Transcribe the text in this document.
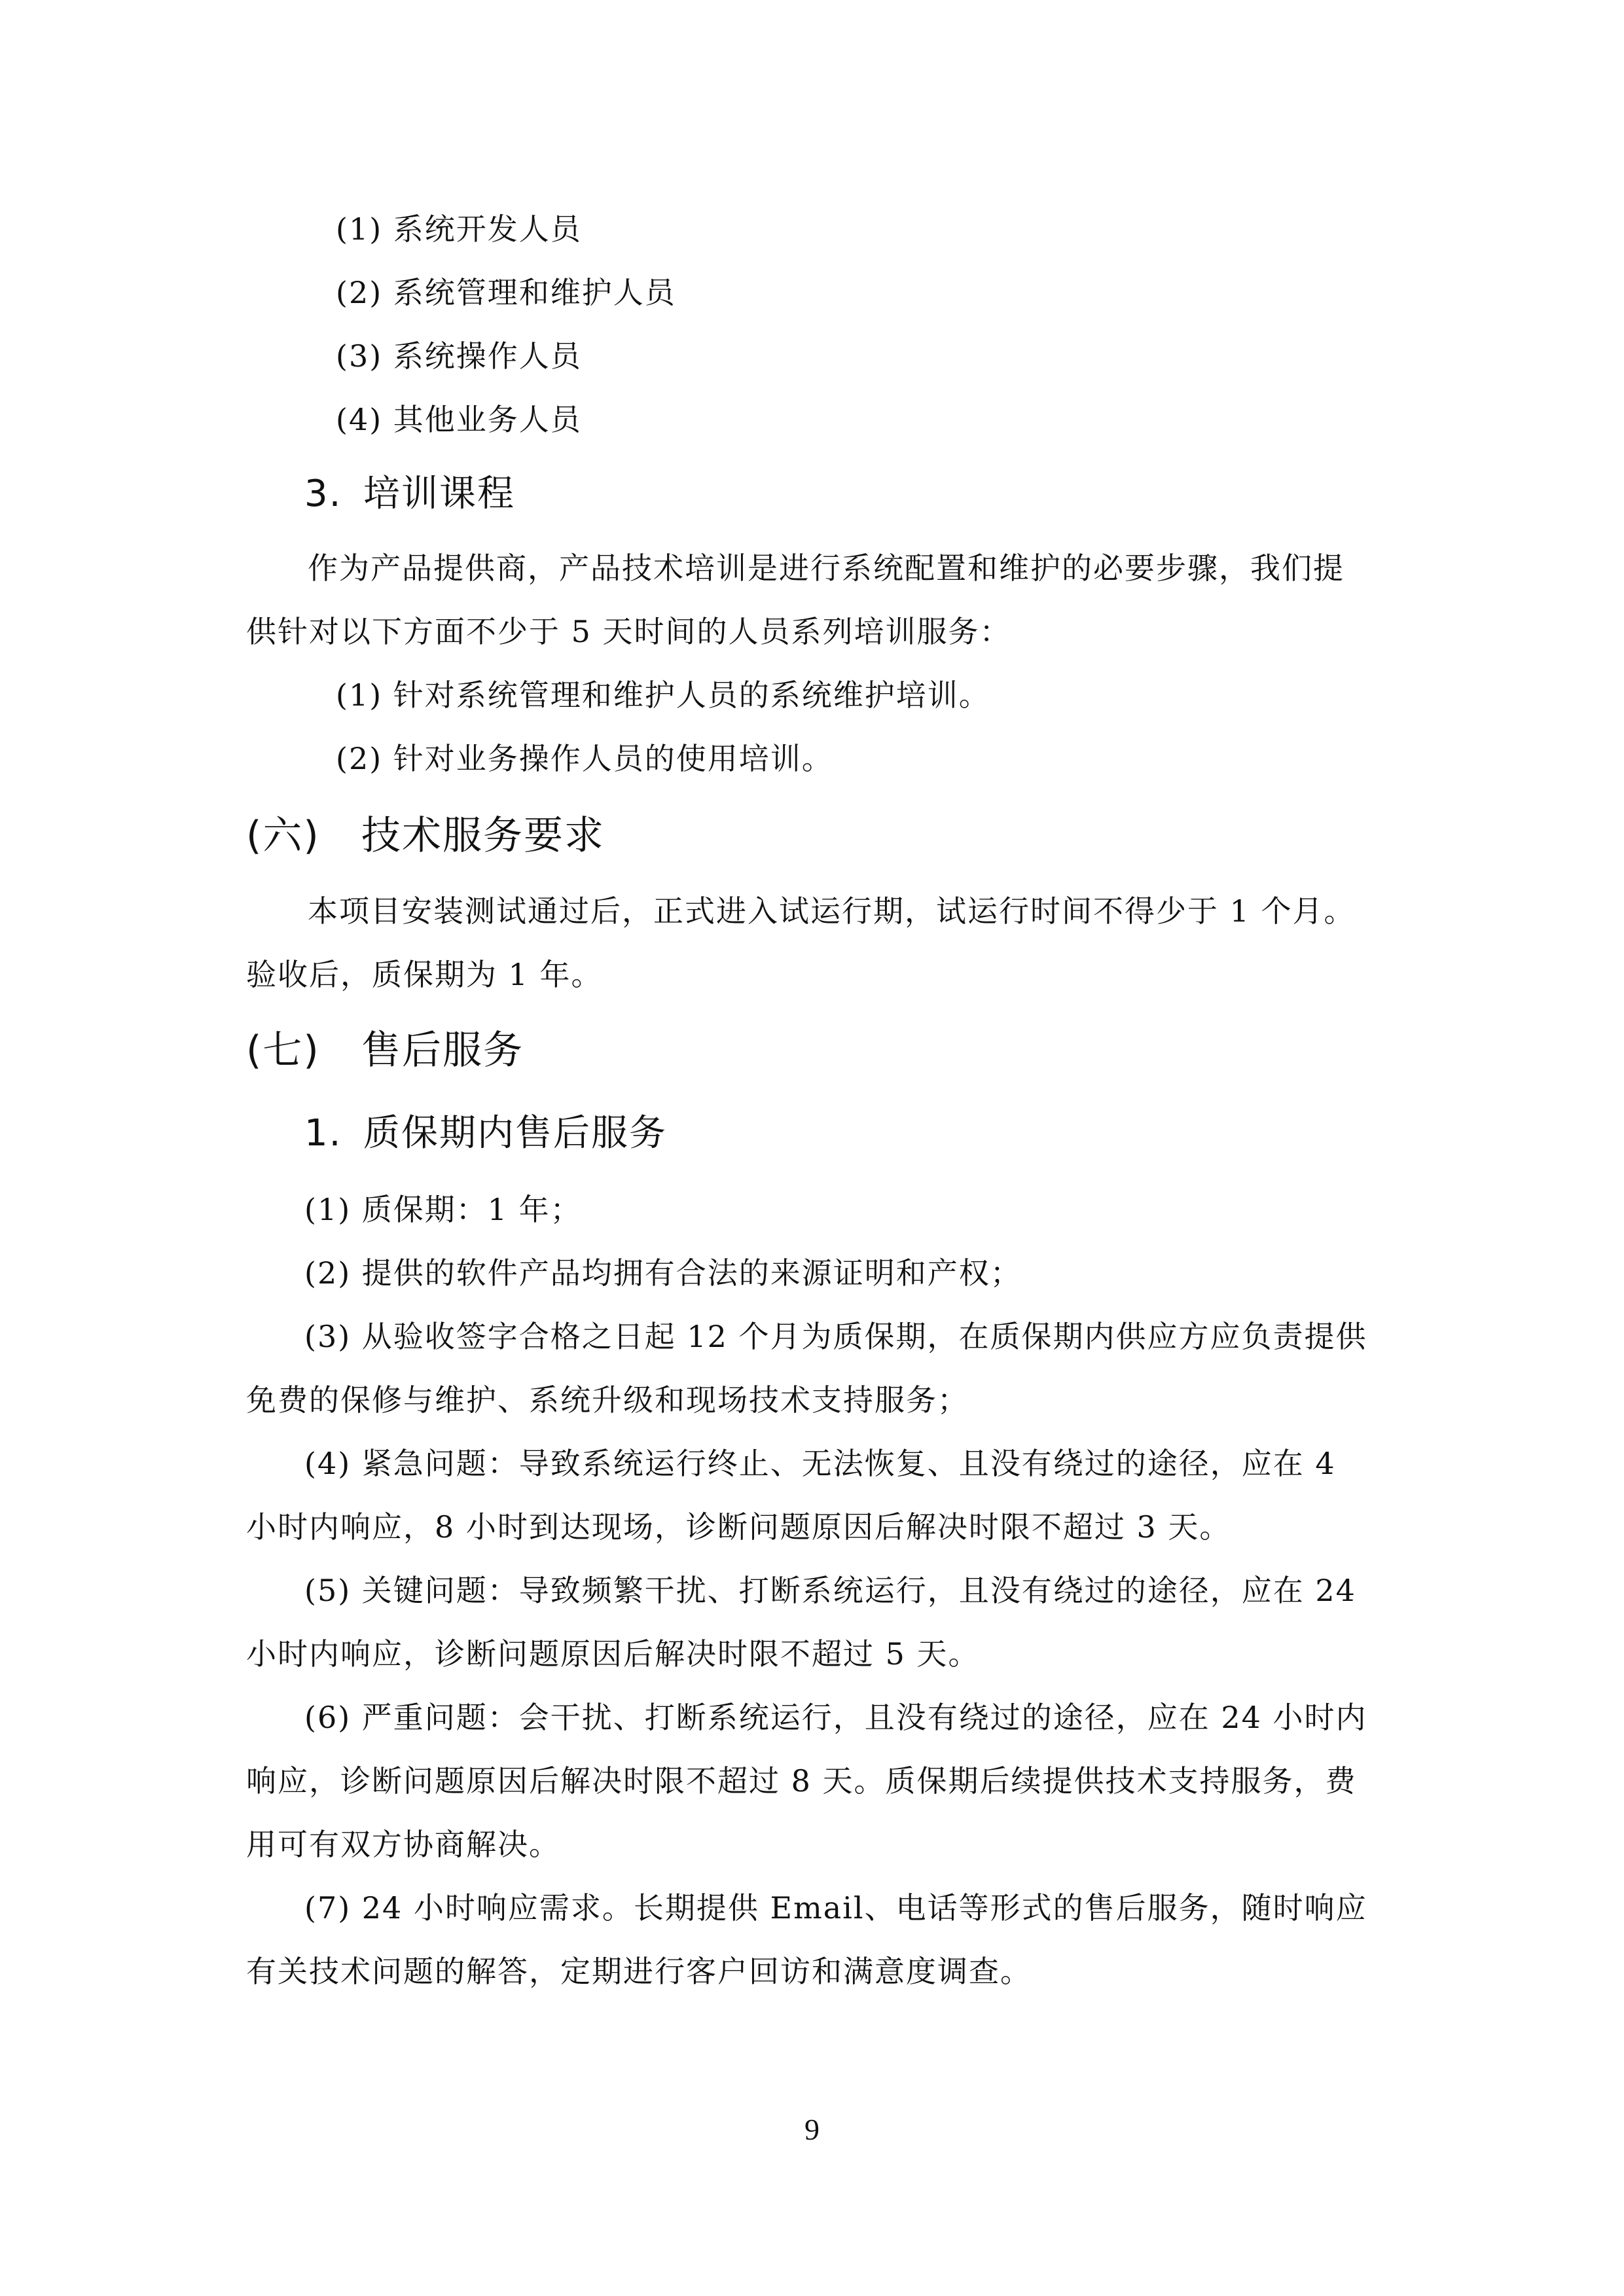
(1) 系统开发人员
(2) 系统管理和维护人员
(3) 系统操作人员
(4) 其他业务人员
3. 培训课程
作为产品提供商，产品技术培训是进行系统配置和维护的必要步骤，我们提
供针对以下方面不少于 5 天时间的人员系列培训服务：
(1) 针对系统管理和维护人员的系统维护培训。
(2) 针对业务操作人员的使用培训。
(六) 技术服务要求
本项目安装测试通过后，正式进入试运行期，试运行时间不得少于 1 个月。
验收后，质保期为 1 年。
(七) 售后服务
1. 质保期内售后服务
(1) 质保期：1 年；
(2) 提供的软件产品均拥有合法的来源证明和产权；
(3) 从验收签字合格之日起 12 个月为质保期，在质保期内供应方应负责提供
免费的保修与维护、系统升级和现场技术支持服务；
(4) 紧急问题：导致系统运行终止、无法恢复、且没有绕过的途径，应在 4
小时内响应，8 小时到达现场，诊断问题原因后解决时限不超过 3 天。
(5) 关键问题：导致频繁干扰、打断系统运行，且没有绕过的途径，应在 24
小时内响应，诊断问题原因后解决时限不超过 5 天。
(6) 严重问题：会干扰、打断系统运行，且没有绕过的途径，应在 24 小时内
响应，诊断问题原因后解决时限不超过 8 天。质保期后续提供技术支持服务，费
用可有双方协商解决。
(7) 24 小时响应需求。长期提供 Email、电话等形式的售后服务，随时响应
有关技术问题的解答，定期进行客户回访和满意度调查。
9
